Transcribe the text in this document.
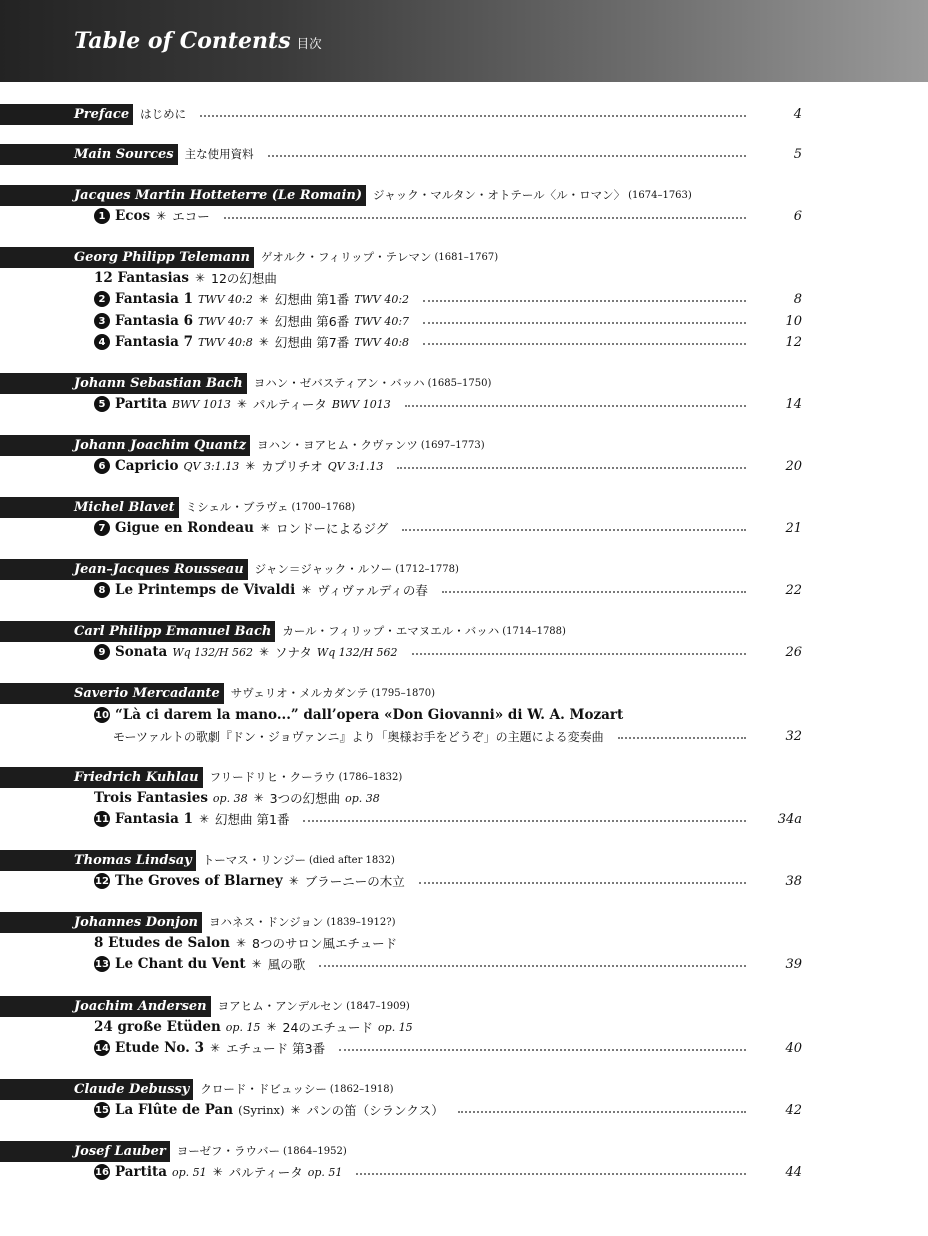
Table of Contents 目次
Preface はじめに	4
Main Sources 主な使用資料	5
Jacques Martin Hotteterre (Le Romain) ジャック・マルタン・オトテール〈ル・ロマン〉 (1674–1763)
1 Ecos ✳ エコー	6
Georg Philipp Telemann ゲオルク・フィリップ・テレマン (1681–1767)
12 Fantasias ✳ 12の幻想曲
2 Fantasia 1 TWV 40:2 ✳ 幻想曲 第1番 TWV 40:2	8
3 Fantasia 6 TWV 40:7 ✳ 幻想曲 第6番 TWV 40:7	10
4 Fantasia 7 TWV 40:8 ✳ 幻想曲 第7番 TWV 40:8	12
Johann Sebastian Bach ヨハン・ゼバスティアン・バッハ (1685–1750)
5 Partita BWV 1013 ✳ パルティータ BWV 1013	14
Johann Joachim Quantz ヨハン・ヨアヒム・クヴァンツ (1697–1773)
6 Capricio QV 3:1.13 ✳ カプリチオ QV 3:1.13	20
Michel Blavet ミシェル・ブラヴェ (1700–1768)
7 Gigue en Rondeau ✳ ロンドーによるジグ	21
Jean–Jacques Rousseau ジャン＝ジャック・ルソー (1712–1778)
8 Le Printemps de Vivaldi ✳ ヴィヴァルディの春	22
Carl Philipp Emanuel Bach カール・フィリップ・エマヌエル・バッハ (1714–1788)
9 Sonata Wq 132/H 562 ✳ ソナタ Wq 132/H 562	26
Saverio Mercadante サヴェリオ・メルカダンテ (1795–1870)
10 “Là ci darem la mano...” dall’opera «Don Giovanni» di W. A. Mozart
モーツァルトの歌劇『ドン・ジョヴァンニ』より「奥様お手をどうぞ」の主題による変奏曲	32
Friedrich Kuhlau フリードリヒ・クーラウ (1786–1832)
Trois Fantasies op. 38 ✳ 3つの幻想曲 op. 38
11 Fantasia 1 ✳ 幻想曲 第1番	34a
Thomas Lindsay トーマス・リンジー (died after 1832)
12 The Groves of Blarney ✳ ブラーニーの木立	38
Johannes Donjon ヨハネス・ドンジョン (1839–1912?)
8 Etudes de Salon ✳ 8つのサロン風エチュード
13 Le Chant du Vent ✳ 風の歌	39
Joachim Andersen ヨアヒム・アンデルセン (1847–1909)
24 große Etüden op. 15 ✳ 24のエチュード op. 15
14 Etude No. 3 ✳ エチュード 第3番	40
Claude Debussy クロード・ドビュッシー (1862–1918)
15 La Flûte de Pan (Syrinx) ✳ パンの笛（シランクス）	42
Josef Lauber ヨーゼフ・ラウバー (1864–1952)
16 Partita op. 51 ✳ パルティータ op. 51	44
